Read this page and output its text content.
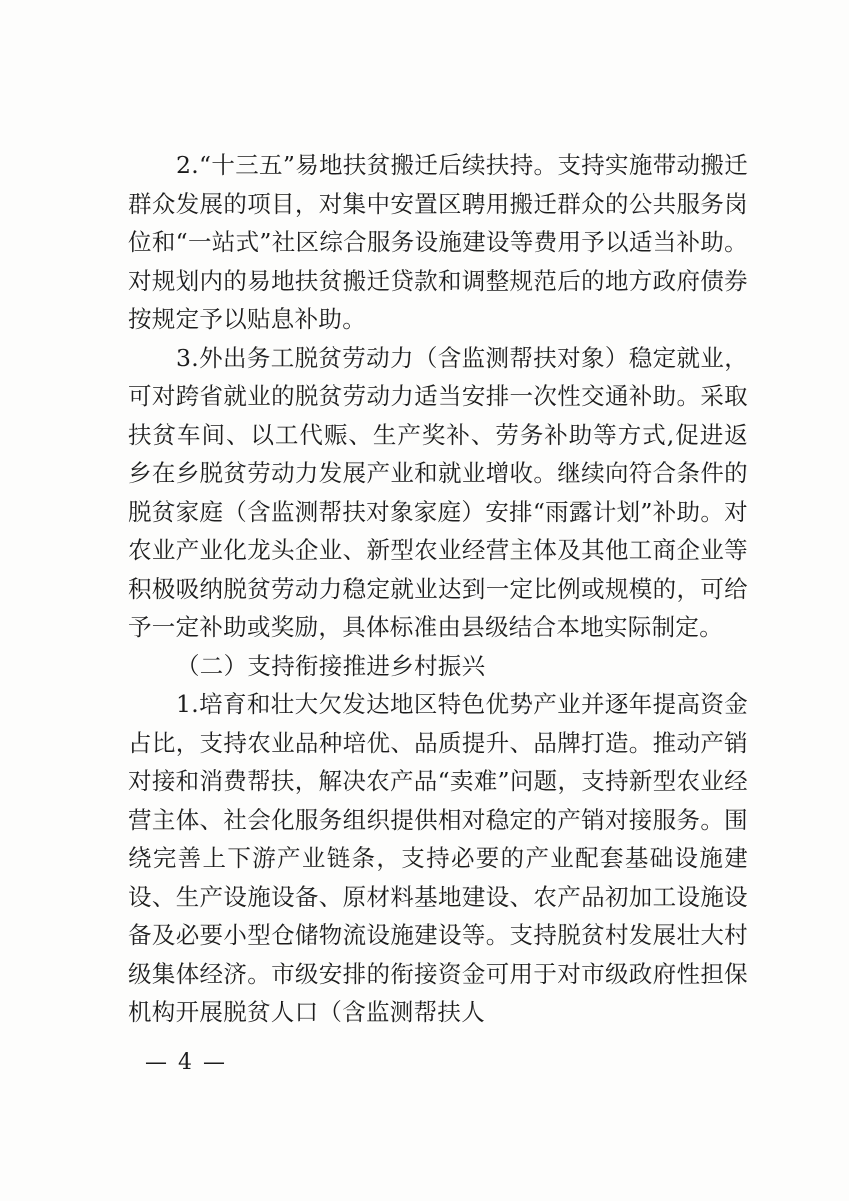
2.“十三五”易地扶贫搬迁后续扶持。支持实施带动搬迁群众发展的项目，对集中安置区聘用搬迁群众的公共服务岗位和“一站式”社区综合服务设施建设等费用予以适当补助。对规划内的易地扶贫搬迁贷款和调整规范后的地方政府债券按规定予以贴息补助。

3.外出务工脱贫劳动力（含监测帮扶对象）稳定就业，可对跨省就业的脱贫劳动力适当安排一次性交通补助。采取扶贫车间、以工代赈、生产奖补、劳务补助等方式,促进返乡在乡脱贫劳动力发展产业和就业增收。继续向符合条件的脱贫家庭（含监测帮扶对象家庭）安排“雨露计划”补助。对农业产业化龙头企业、新型农业经营主体及其他工商企业等积极吸纳脱贫劳动力稳定就业达到一定比例或规模的，可给予一定补助或奖励，具体标准由县级结合本地实际制定。

（二）支持衔接推进乡村振兴

1.培育和壮大欠发达地区特色优势产业并逐年提高资金占比，支持农业品种培优、品质提升、品牌打造。推动产销对接和消费帮扶，解决农产品“卖难”问题，支持新型农业经营主体、社会化服务组织提供相对稳定的产销对接服务。围绕完善上下游产业链条，支持必要的产业配套基础设施建设、生产设施设备、原材料基地建设、农产品初加工设施设备及必要小型仓储物流设施建设等。支持脱贫村发展壮大村级集体经济。市级安排的衔接资金可用于对市级政府性担保机构开展脱贫人口（含监测帮扶人

— 4 —
